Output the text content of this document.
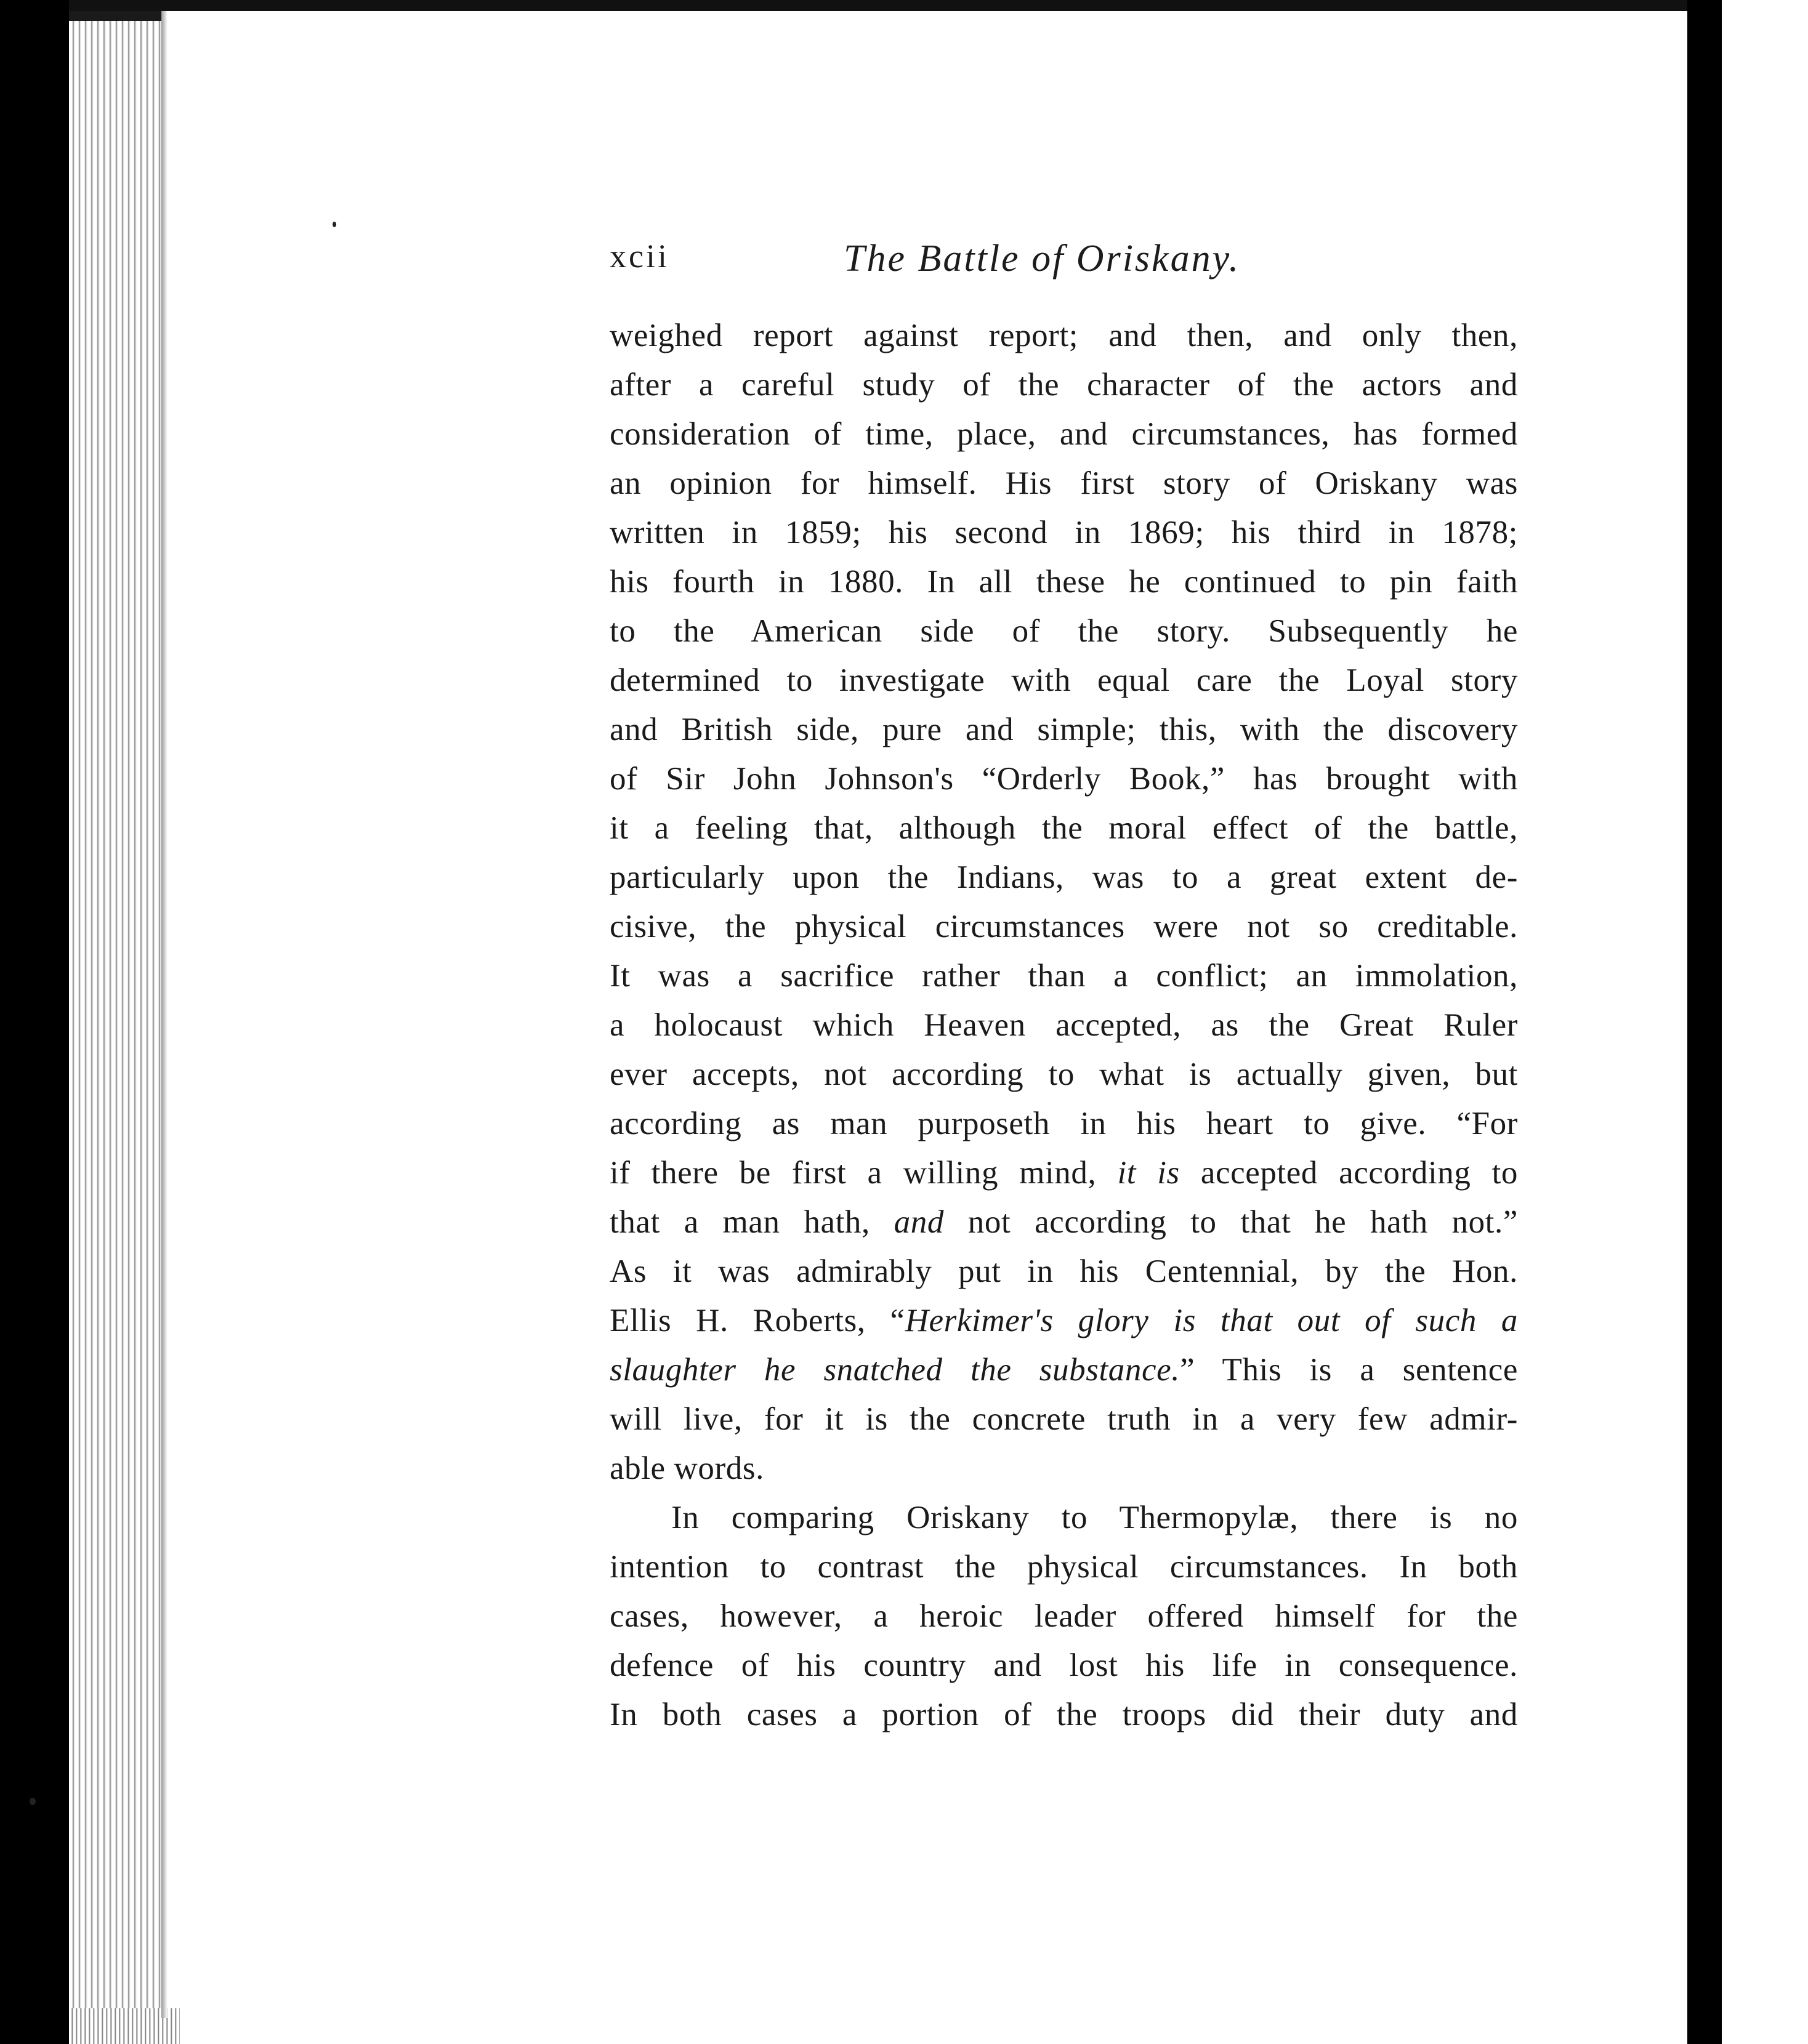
xcii	The Battle of Oriskany.
weighed report against report; and then, and only then,
after a careful study of the character of the actors and
consideration of time, place, and circumstances, has formed
an opinion for himself. His first story of Oriskany was
written in 1859; his second in 1869; his third in 1878;
his fourth in 1880. In all these he continued to pin faith
to the American side of the story. Subsequently he
determined to investigate with equal care the Loyal story
and British side, pure and simple; this, with the discovery
of Sir John Johnson's “Orderly Book,” has brought with
it a feeling that, although the moral effect of the battle,
particularly upon the Indians, was to a great extent de-
cisive, the physical circumstances were not so creditable.
It was a sacrifice rather than a conflict; an immolation,
a holocaust which Heaven accepted, as the Great Ruler
ever accepts, not according to what is actually given, but
according as man purposeth in his heart to give. “For
if there be first a willing mind, it is accepted according to
that a man hath, and not according to that he hath not.”
As it was admirably put in his Centennial, by the Hon.
Ellis H. Roberts, “Herkimer's glory is that out of such a
slaughter he snatched the substance.” This is a sentence
will live, for it is the concrete truth in a very few admir-
able words.
In comparing Oriskany to Thermopylæ, there is no
intention to contrast the physical circumstances. In both
cases, however, a heroic leader offered himself for the
defence of his country and lost his life in consequence.
In both cases a portion of the troops did their duty and
